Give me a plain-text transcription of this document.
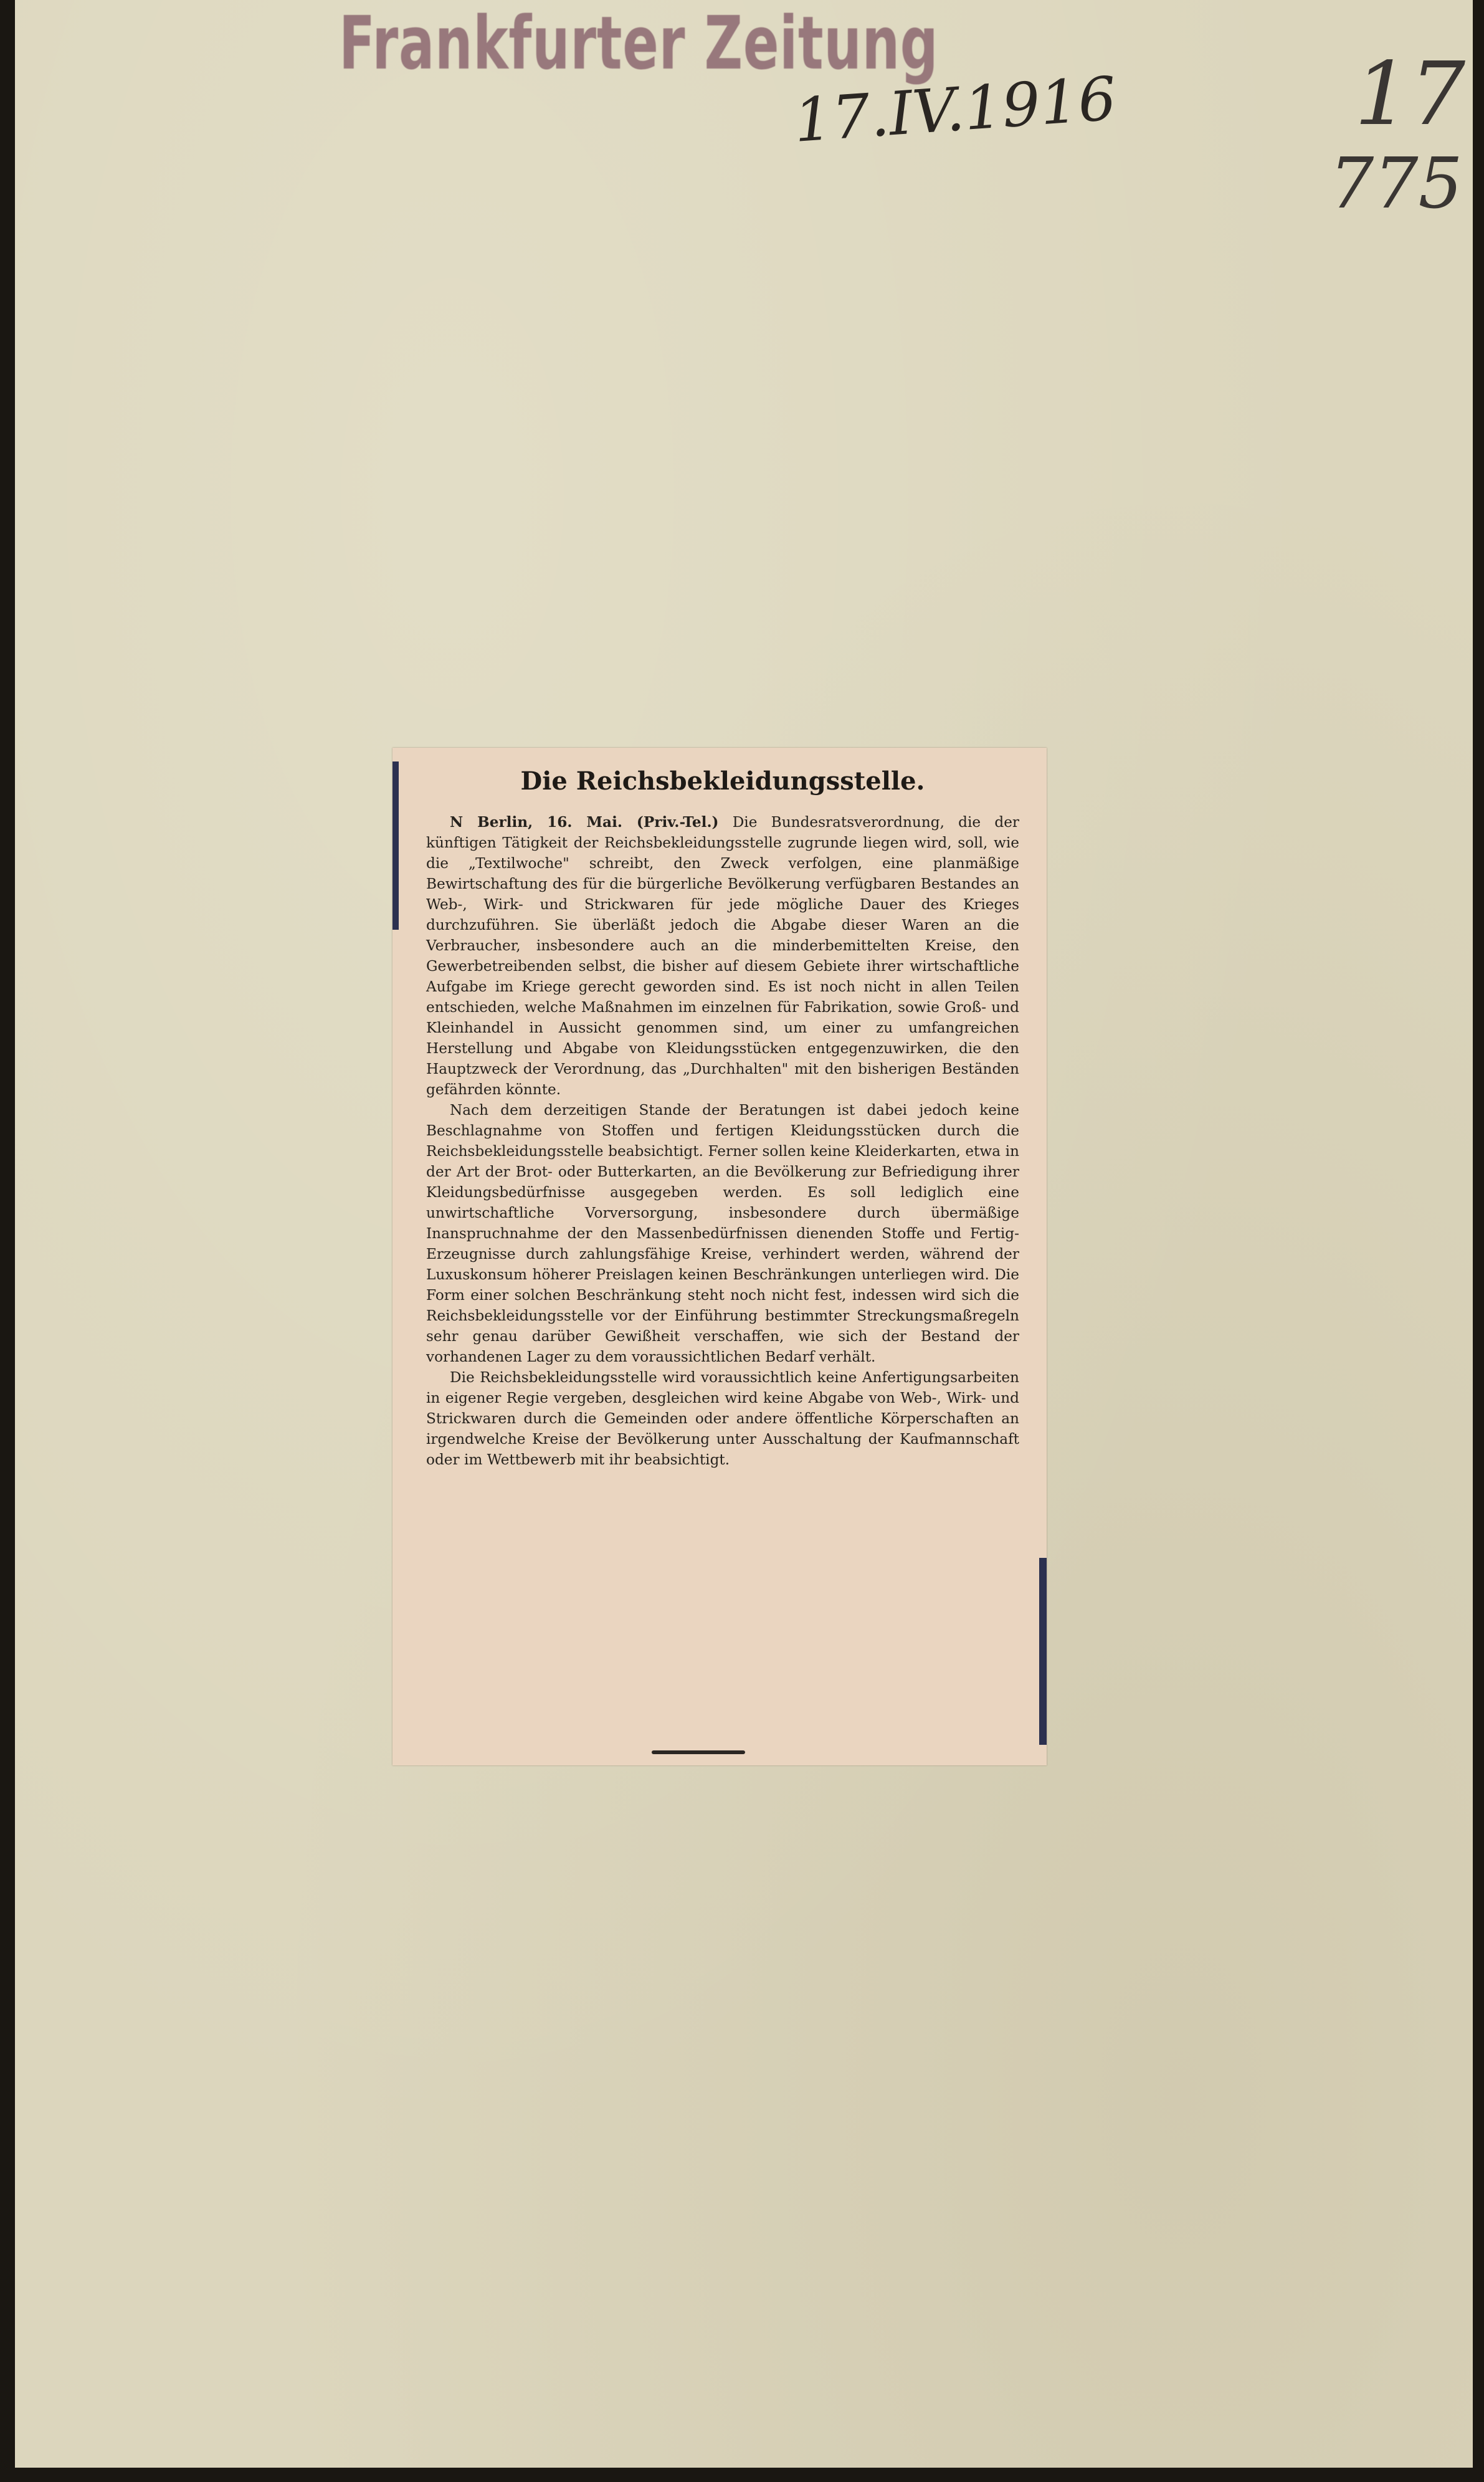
Frankfurter Zeitung
17.IV.1916	17
775
Die Reichsbekleidungsstelle.

N Berlin, 16. Mai. (Priv.-Tel.) Die Bundesratsverordnung, die der künftigen Tätigkeit der Reichsbekleidungsstelle zugrunde liegen wird, soll, wie die „Textilwoche" schreibt, den Zweck verfolgen, eine planmäßige Bewirtschaftung des für die bürgerliche Bevölkerung verfügbaren Bestandes an Web-, Wirk- und Strickwaren für jede mögliche Dauer des Krieges durchzuführen. Sie überläßt jedoch die Abgabe dieser Waren an die Verbraucher, insbesondere auch an die minderbemittelten Kreise, den Gewerbetreibenden selbst, die bisher auf diesem Gebiete ihrer wirtschaftliche Aufgabe im Kriege gerecht geworden sind. Es ist noch nicht in allen Teilen entschieden, welche Maßnahmen im einzelnen für Fabrikation, sowie Groß- und Kleinhandel in Aussicht genommen sind, um einer zu umfangreichen Herstellung und Abgabe von Kleidungsstücken entgegenzuwirken, die den Hauptzweck der Verordnung, das „Durchhalten" mit den bisherigen Beständen gefährden könnte.

Nach dem derzeitigen Stande der Beratungen ist dabei jedoch keine Beschlagnahme von Stoffen und fertigen Kleidungsstücken durch die Reichsbekleidungsstelle beabsichtigt. Ferner sollen keine Kleiderkarten, etwa in der Art der Brot- oder Butterkarten, an die Bevölkerung zur Befriedigung ihrer Kleidungsbedürfnisse ausgegeben werden. Es soll lediglich eine unwirtschaftliche Vorversorgung, insbesondere durch übermäßige Inanspruchnahme der den Massenbedürfnissen dienenden Stoffe und Fertig-Erzeugnisse durch zahlungsfähige Kreise, verhindert werden, während der Luxuskonsum höherer Preislagen keinen Beschränkungen unterliegen wird. Die Form einer solchen Beschränkung steht noch nicht fest, indessen wird sich die Reichsbekleidungsstelle vor der Einführung bestimmter Streckungsmaßregeln sehr genau darüber Gewißheit verschaffen, wie sich der Bestand der vorhandenen Lager zu dem voraussichtlichen Bedarf verhält.

Die Reichsbekleidungsstelle wird voraussichtlich keine Anfertigungsarbeiten in eigener Regie vergeben, desgleichen wird keine Abgabe von Web-, Wirk- und Strickwaren durch die Gemeinden oder andere öffentliche Körperschaften an irgendwelche Kreise der Bevölkerung unter Ausschaltung der Kaufmannschaft oder im Wettbewerb mit ihr beabsichtigt.
